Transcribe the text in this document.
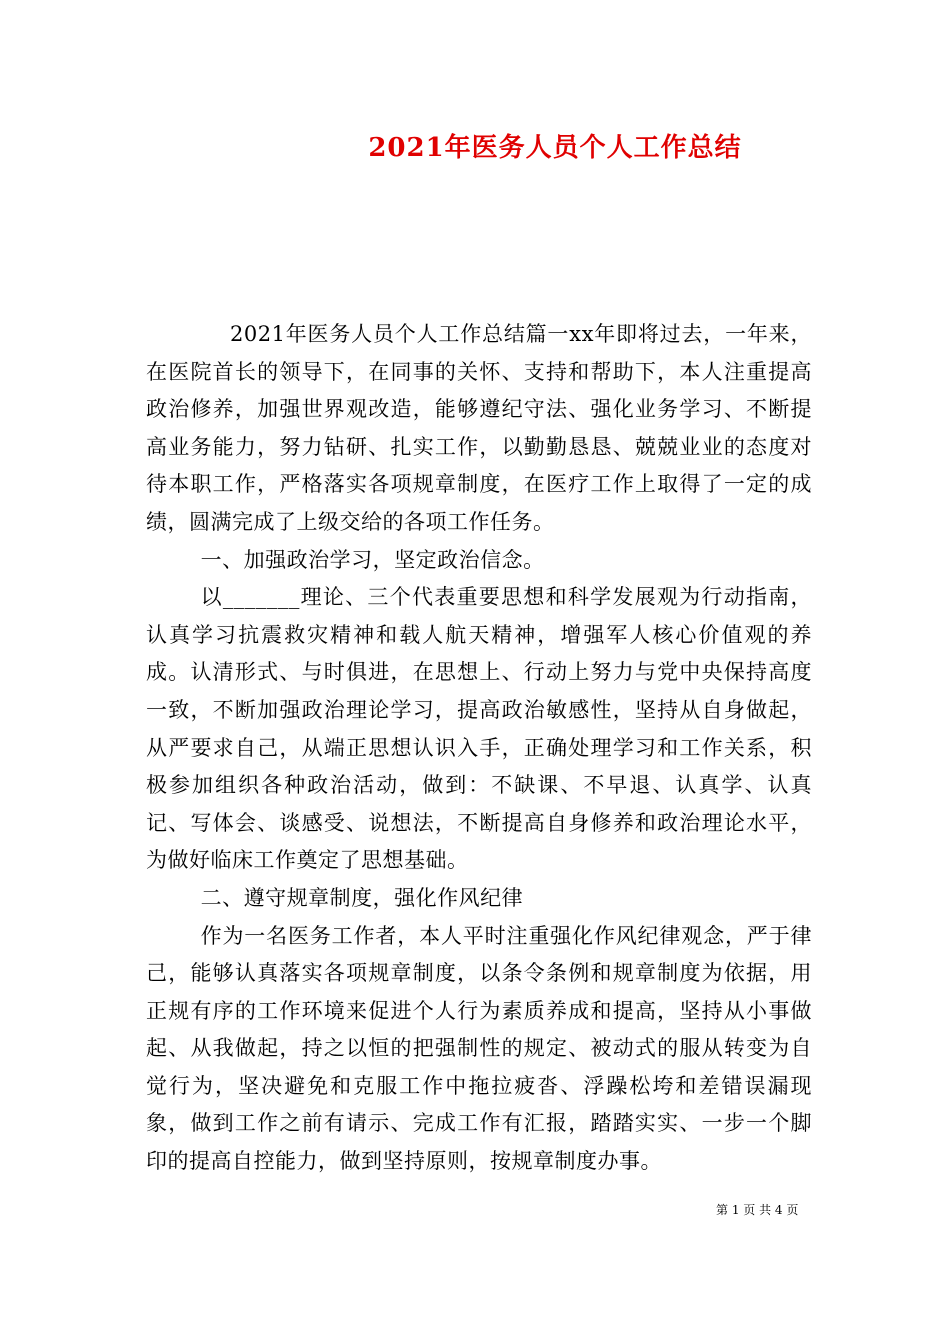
2021年医务人员个人工作总结

2021年医务人员个人工作总结篇一xx年即将过去，一年来，在医院首长的领导下，在同事的关怀、支持和帮助下，本人注重提高政治修养，加强世界观改造，能够遵纪守法、强化业务学习、不断提高业务能力，努力钻研、扎实工作，以勤勤恳恳、兢兢业业的态度对待本职工作，严格落实各项规章制度，在医疗工作上取得了一定的成绩，圆满完成了上级交给的各项工作任务。

一、加强政治学习，坚定政治信念。

以_______理论、三个代表重要思想和科学发展观为行动指南，认真学习抗震救灾精神和载人航天精神，增强军人核心价值观的养成。认清形式、与时俱进，在思想上、行动上努力与党中央保持高度一致，不断加强政治理论学习，提高政治敏感性，坚持从自身做起，从严要求自己，从端正思想认识入手，正确处理学习和工作关系，积极参加组织各种政治活动，做到：不缺课、不早退、认真学、认真记、写体会、谈感受、说想法，不断提高自身修养和政治理论水平，为做好临床工作奠定了思想基础。

二、遵守规章制度，强化作风纪律

作为一名医务工作者，本人平时注重强化作风纪律观念，严于律己，能够认真落实各项规章制度，以条令条例和规章制度为依据，用正规有序的工作环境来促进个人行为素质养成和提高，坚持从小事做起、从我做起，持之以恒的把强制性的规定、被动式的服从转变为自觉行为，坚决避免和克服工作中拖拉疲沓、浮躁松垮和差错误漏现象，做到工作之前有请示、完成工作有汇报，踏踏实实、一步一个脚印的提高自控能力，做到坚持原则，按规章制度办事。

第 1 页 共 4 页
